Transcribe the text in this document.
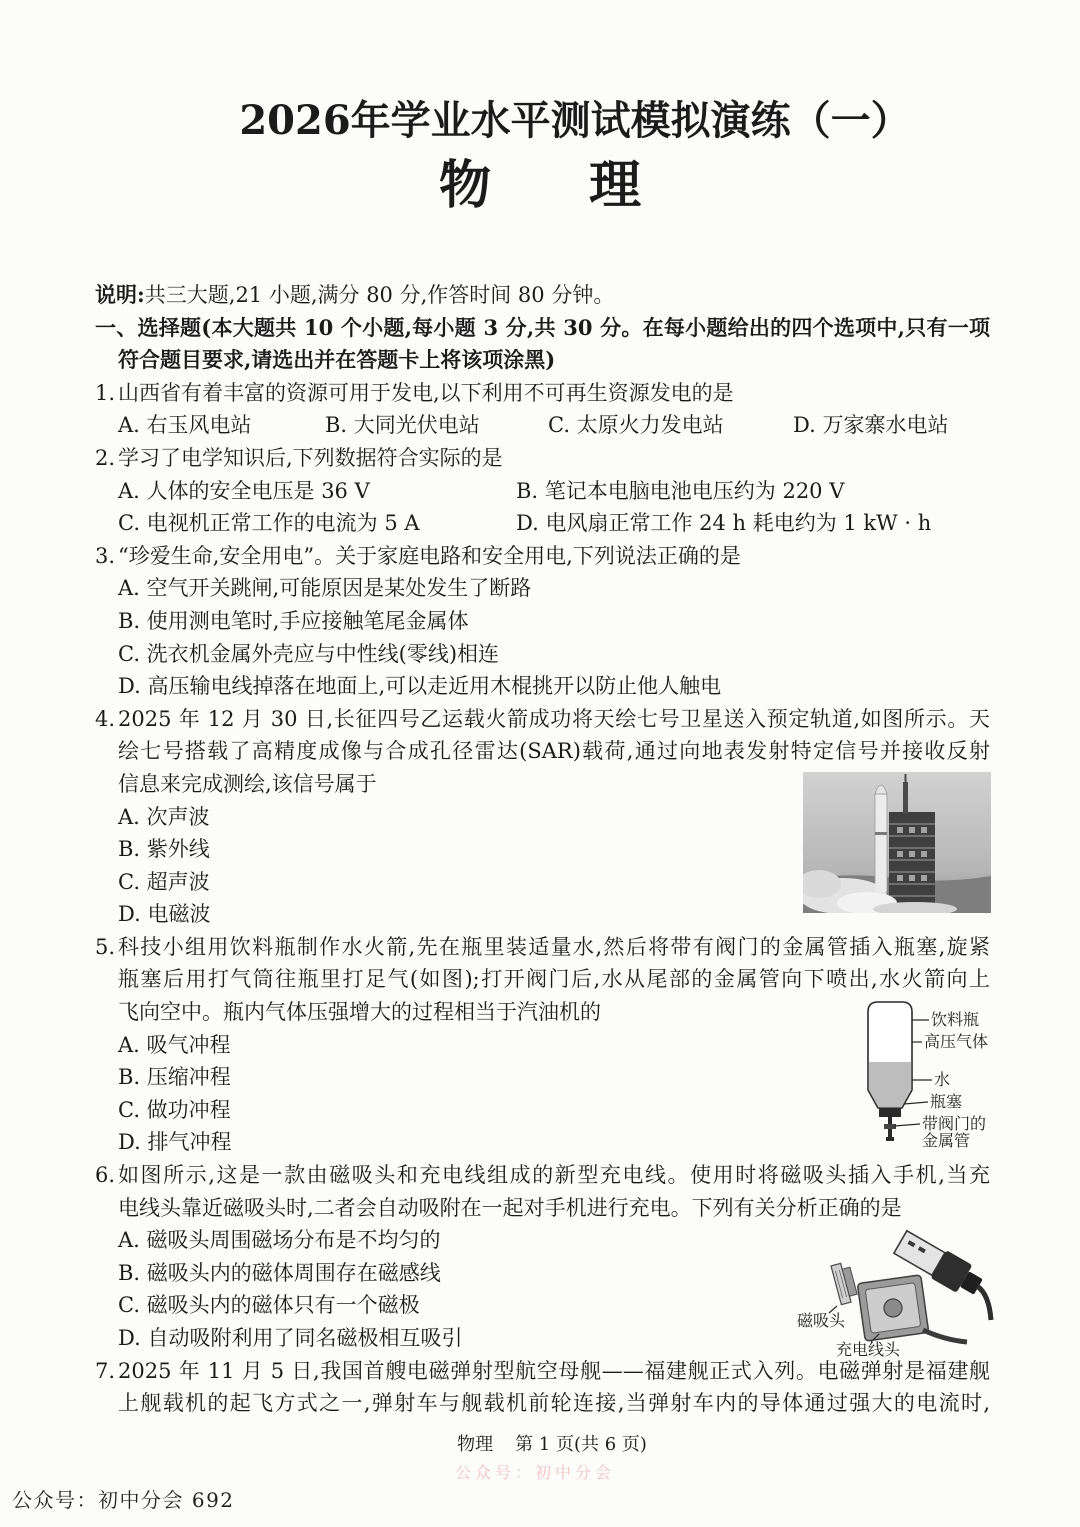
2026年学业水平测试模拟演练（一）
物 理
说明:共三大题,21 小题,满分 80 分,作答时间 80 分钟。
一、选择题(本大题共 10 个小题,每小题 3 分,共 30 分。在每小题给出的四个选项中,只有一项
符合题目要求,请选出并在答题卡上将该项涂黑)
1. 山西省有着丰富的资源可用于发电,以下利用不可再生资源发电的是
A. 右玉风电站	B. 大同光伏电站	C. 太原火力发电站	D. 万家寨水电站
2. 学习了电学知识后,下列数据符合实际的是
A. 人体的安全电压是 36 V	B. 笔记本电脑电池电压约为 220 V
C. 电视机正常工作的电流为 5 A	D. 电风扇正常工作 24 h 耗电约为 1 kW · h
3. “珍爱生命,安全用电”。关于家庭电路和安全用电,下列说法正确的是
A. 空气开关跳闸,可能原因是某处发生了断路
B. 使用测电笔时,手应接触笔尾金属体
C. 洗衣机金属外壳应与中性线(零线)相连
D. 高压输电线掉落在地面上,可以走近用木棍挑开以防止他人触电
4. 2025 年 12 月 30 日,长征四号乙运载火箭成功将天绘七号卫星送入预定轨道,如图所示。天
绘七号搭载了高精度成像与合成孔径雷达(SAR)载荷,通过向地表发射特定信号并接收反射
信息来完成测绘,该信号属于
A. 次声波
B. 紫外线
C. 超声波
D. 电磁波
5. 科技小组用饮料瓶制作水火箭,先在瓶里装适量水,然后将带有阀门的金属管插入瓶塞,旋紧
瓶塞后用打气筒往瓶里打足气(如图);打开阀门后,水从尾部的金属管向下喷出,水火箭向上
飞向空中。瓶内气体压强增大的过程相当于汽油机的
A. 吸气冲程
B. 压缩冲程
C. 做功冲程
D. 排气冲程
6. 如图所示,这是一款由磁吸头和充电线组成的新型充电线。使用时将磁吸头插入手机,当充
电线头靠近磁吸头时,二者会自动吸附在一起对手机进行充电。下列有关分析正确的是
A. 磁吸头周围磁场分布是不均匀的
B. 磁吸头内的磁体周围存在磁感线
C. 磁吸头内的磁体只有一个磁极
D. 自动吸附利用了同名磁极相互吸引
7. 2025 年 11 月 5 日,我国首艘电磁弹射型航空母舰——福建舰正式入列。电磁弹射是福建舰
上舰载机的起飞方式之一,弹射车与舰载机前轮连接,当弹射车内的导体通过强大的电流时,
饮料瓶
高压气体
水
瓶塞
带阀门的
金属管
磁吸头
充电线头
物理 第 1 页(共 6 页)
公众号：初中分会
公众号：初中分会 692
